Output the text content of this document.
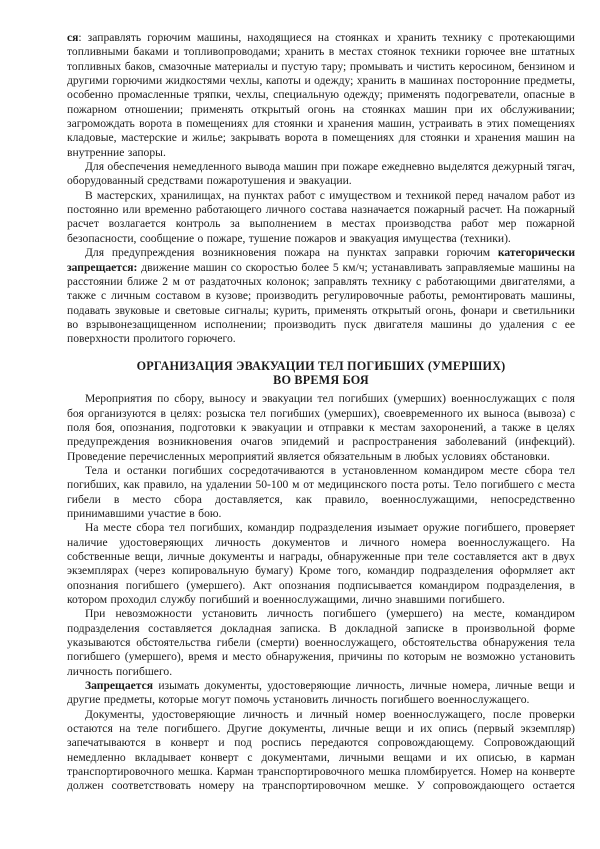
ся: заправлять горючим машины, находящиеся на стоянках и хранить технику с протекающими топливными баками и топливопроводами; хранить в местах стоянок техники горючее вне штатных топливных баков, смазочные материалы и пустую тару; промывать и чистить керосином, бензином и другими горючими жидкостями чехлы, капоты и одежду; хранить в машинах посторонние предметы, особенно промасленные тряпки, чехлы, специальную одежду; применять подогреватели, опасные в пожарном отношении; применять открытый огонь на стоянках машин при их обслуживании; загромождать ворота в помещениях для стоянки и хранения машин, устраивать в этих помещениях кладовые, мастерские и жилье; закрывать ворота в помещениях для стоянки и хранения машин на внутренние запоры.

Для обеспечения немедленного вывода машин при пожаре ежедневно выделятся дежурный тягач, оборудованный средствами пожаротушения и эвакуации.

В мастерских, хранилищах, на пунктах работ с имуществом и техникой перед началом работ из постоянно или временно работающего личного состава назначается пожарный расчет. На пожарный расчет возлагается контроль за выполнением в местах производства работ мер пожарной безопасности, сообщение о пожаре, тушение пожаров и эвакуация имущества (техники).

Для предупреждения возникновения пожара на пунктах заправки горючим категорически запрещается: движение машин со скоростью более 5 км/ч; устанавливать заправляемые машины на расстоянии ближе 2 м от раздаточных колонок; заправлять технику с работающими двигателями, а также с личным составом в кузове; производить регулировочные работы, ремонтировать машины, подавать звуковые и световые сигналы; курить, применять открытый огонь, фонари и светильники во взрывонезащищенном исполнении; производить пуск двигателя машины до удаления с ее поверхности пролитого горючего.

ОРГАНИЗАЦИЯ ЭВАКУАЦИИ ТЕЛ ПОГИБШИХ (УМЕРШИХ)
ВО ВРЕМЯ БОЯ

Мероприятия по сбору, выносу и эвакуации тел погибших (умерших) военнослужащих с поля боя организуются в целях: розыска тел погибших (умерших), своевременного их выноса (вывоза) с поля боя, опознания, подготовки к эвакуации и отправки к местам захоронений, а также в целях предупреждения возникновения очагов эпидемий и распространения заболеваний (инфекций). Проведение перечисленных мероприятий является обязательным в любых условиях обстановки.

Тела и останки погибших сосредотачиваются в установленном командиром месте сбора тел погибших, как правило, на удалении 50-100 м от медицинского поста роты. Тело погибшего с места гибели в место сбора доставляется, как правило, военнослужащими, непосредственно принимавшими участие в бою.

На месте сбора тел погибших, командир подразделения изымает оружие погибшего, проверяет наличие удостоверяющих личность документов и личного номера военнослужащего. На собственные вещи, личные документы и награды, обнаруженные при теле составляется акт в двух экземплярах (через копировальную бумагу) Кроме того, командир подразделения оформляет акт опознания погибшего (умершего). Акт опознания подписывается командиром подразделения, в котором проходил службу погибший и военнослужащими, лично знавшими погибшего.

При невозможности установить личность погибшего (умершего) на месте, командиром подразделения составляется докладная записка. В докладной записке в произвольной форме указываются обстоятельства гибели (смерти) военнослужащего, обстоятельства обнаружения тела погибшего (умершего), время и место обнаружения, причины по которым не возможно установить личность погибшего.

Запрещается изымать документы, удостоверяющие личность, личные номера, личные вещи и другие предметы, которые могут помочь установить личность погибшего военнослужащего.

Документы, удостоверяющие личность и личный номер военнослужащего, после проверки остаются на теле погибшего. Другие документы, личные вещи и их опись (первый экземпляр) запечатываются в конверт и под роспись передаются сопровождающему. Сопровождающий немедленно вкладывает конверт с документами, личными вещами и их описью, в карман транспортировочного мешка. Карман транспортировочного мешка пломбируется. Номер на конверте должен соответствовать номеру на транспортировочном мешке. У сопровождающего остается
